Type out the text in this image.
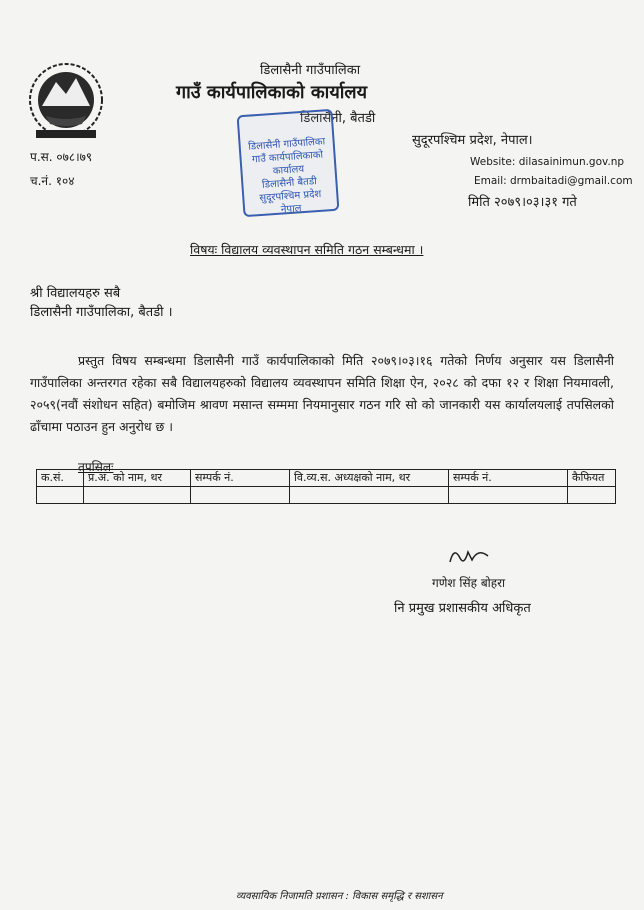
डिलासैनी गाउँपालिका
गाउँ कार्यपालिकाको कार्यालय
डिलासैनी, बैतडी
डिलासैनी गाउँपालिका
गाउँ कार्यपालिकाको कार्यालय
डिलासैनी बैतडी
सुदूरपश्चिम प्रदेश
नेपाल
सुदूरपश्चिम प्रदेश, नेपाल।
Website: dilasainimun.gov.np
Email: drmbaitadi@gmail.com
मिति २०७९।०३।३१ गते
प.स. ०७८।७९
च.नं. १०४
विषयः विद्यालय व्यवस्थापन समिति गठन सम्बन्धमा ।
श्री विद्यालयहरु सबै
डिलासैनी गाउँपालिका, बैतडी ।
प्रस्तुत विषय सम्बन्धमा डिलासैनी गाउँ कार्यपालिकाको मिति २०७९।०३।१६ गतेको निर्णय अनुसार यस डिलासैनी गाउँपालिका अन्तरगत रहेका सबै विद्यालयहरुको विद्यालय व्यवस्थापन समिति शिक्षा ऐन, २०२८ को दफा १२ र शिक्षा नियमावली, २०५९(नवौं संशोधन सहित) बमोजिम श्रावण मसान्त सम्ममा नियमानुसार गठन गरि सो को जानकारी यस कार्यालयलाई तपसिलको ढाँचामा पठाउन हुन अनुरोध छ ।
तपसिलः
क.सं.	प्र.अ. को नाम, थर	सम्पर्क नं.	वि.व्य.स. अध्यक्षको नाम, थर	सम्पर्क नं.	कैफियत

गणेश सिंह बोहरा
नि प्रमुख प्रशासकीय अधिकृत
व्यवसायिक निजामति प्रशासन : विकास समृद्धि र सशासन
